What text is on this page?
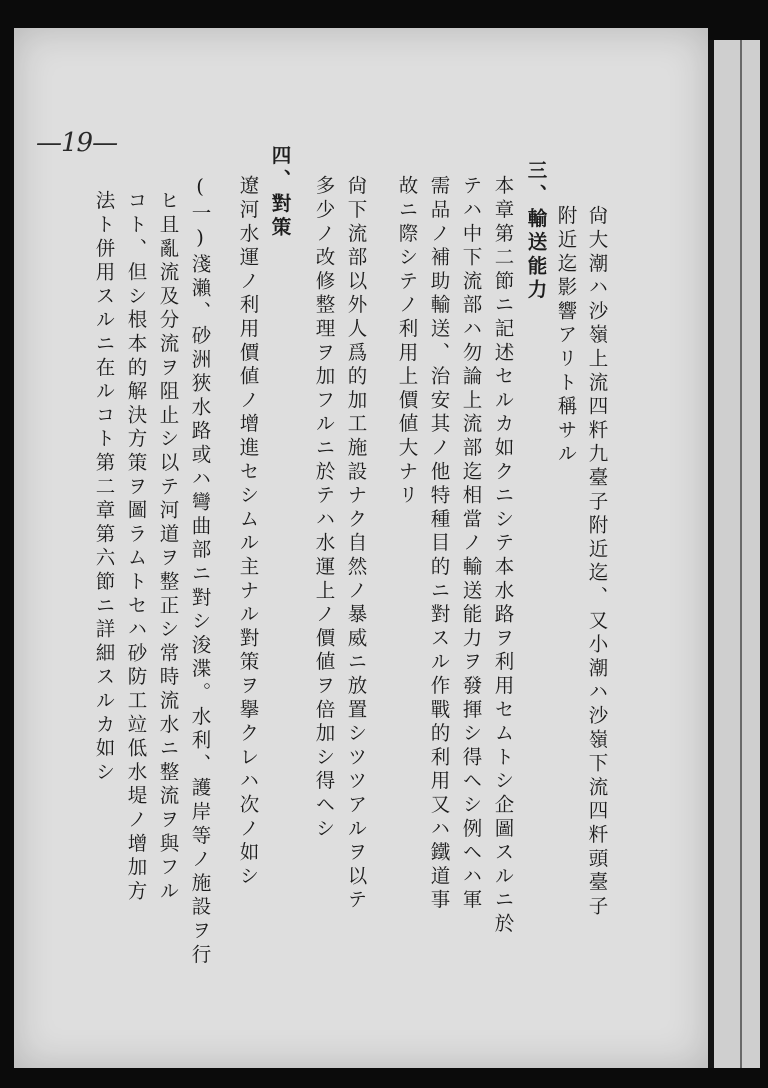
—19—
尙大潮ハ沙嶺上流四粁九臺子附近迄、又小潮ハ沙嶺下流四粁頭臺子
附近迄影響アリト稱サル
三、輸送能力
本章第二節ニ記述セルカ如クニシテ本水路ヲ利用セムトシ企圖スルニ於
テハ中下流部ハ勿論上流部迄相當ノ輸送能力ヲ發揮シ得ヘシ例ヘハ軍
需品ノ補助輸送、治安其ノ他特種目的ニ對スル作戰的利用又ハ鐵道事
故ニ際シテノ利用上價値大ナリ
尙下流部以外人爲的加工施設ナク自然ノ暴威ニ放置シツツアルヲ以テ
多少ノ改修整理ヲ加フルニ於テハ水運上ノ價値ヲ倍加シ得ヘシ
四、對策
遼河水運ノ利用價値ノ增進セシムル主ナル對策ヲ擧クレハ次ノ如シ
(一)淺瀨、砂洲狹水路或ハ彎曲部ニ對シ浚渫。水利、護岸等ノ施設ヲ行
ヒ且亂流及分流ヲ阻止シ以テ河道ヲ整正シ常時流水ニ整流ヲ與フル
コト、但シ根本的解決方策ヲ圖ラムトセハ砂防工竝低水堤ノ增加方
法ト併用スルニ在ルコト第二章第六節ニ詳細スルカ如シ
